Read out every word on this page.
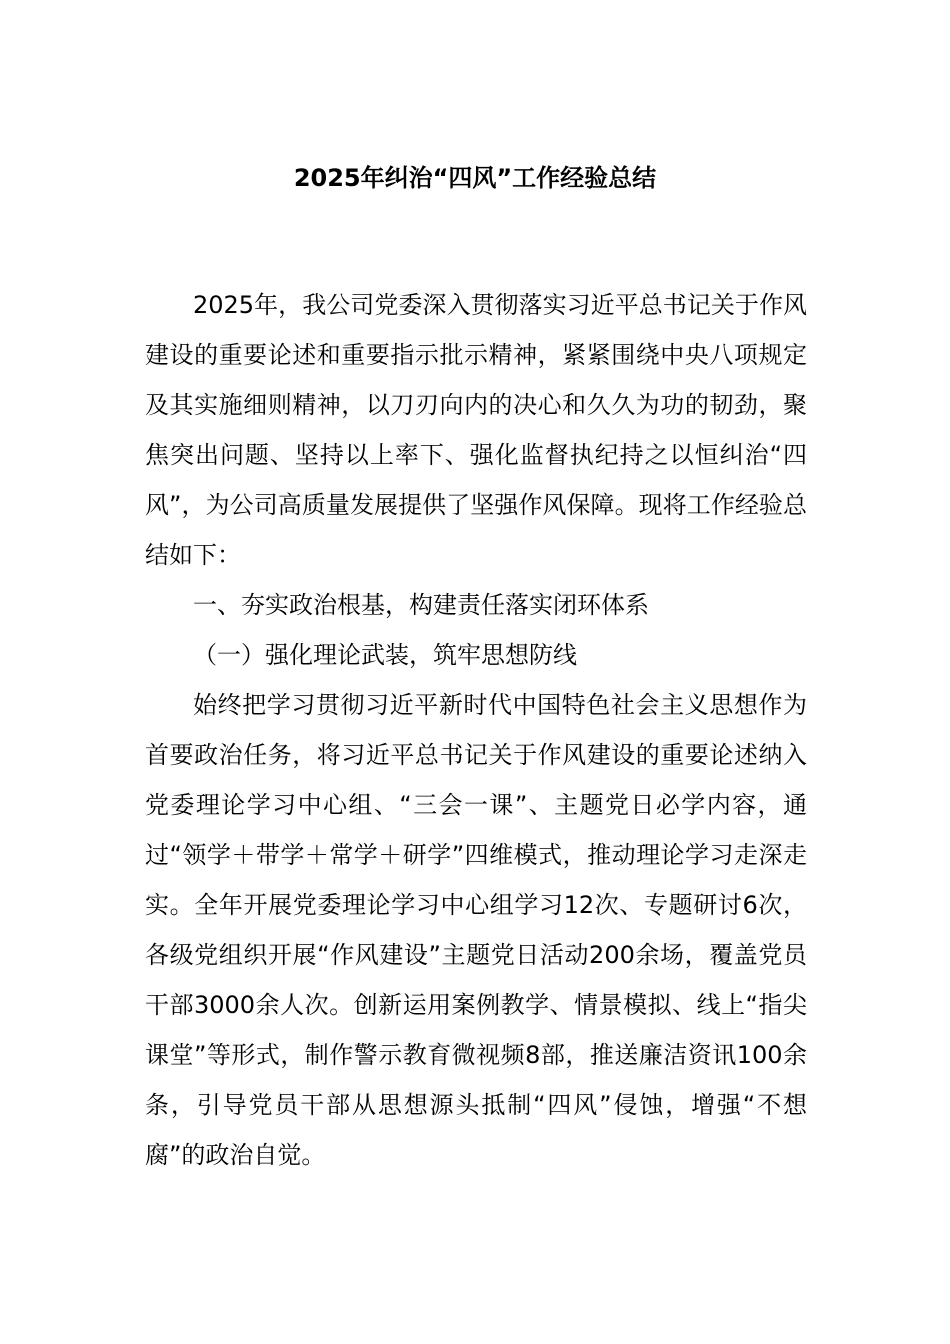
2025年纠治“四风”工作经验总结

2025年，我公司党委深入贯彻落实习近平总书记关于作风建设的重要论述和重要指示批示精神，紧紧围绕中央八项规定及其实施细则精神，以刀刃向内的决心和久久为功的韧劲，聚焦突出问题、坚持以上率下、强化监督执纪持之以恒纠治“四风”，为公司高质量发展提供了坚强作风保障。现将工作经验总结如下：

一、夯实政治根基，构建责任落实闭环体系

（一）强化理论武装，筑牢思想防线

始终把学习贯彻习近平新时代中国特色社会主义思想作为首要政治任务，将习近平总书记关于作风建设的重要论述纳入党委理论学习中心组、“三会一课”、主题党日必学内容，通过“领学＋带学＋常学＋研学”四维模式，推动理论学习走深走实。全年开展党委理论学习中心组学习12次、专题研讨6次，各级党组织开展“作风建设”主题党日活动200余场，覆盖党员干部3000余人次。创新运用案例教学、情景模拟、线上“指尖课堂”等形式，制作警示教育微视频8部，推送廉洁资讯100余条，引导党员干部从思想源头抵制“四风”侵蚀，增强“不想腐”的政治自觉。
